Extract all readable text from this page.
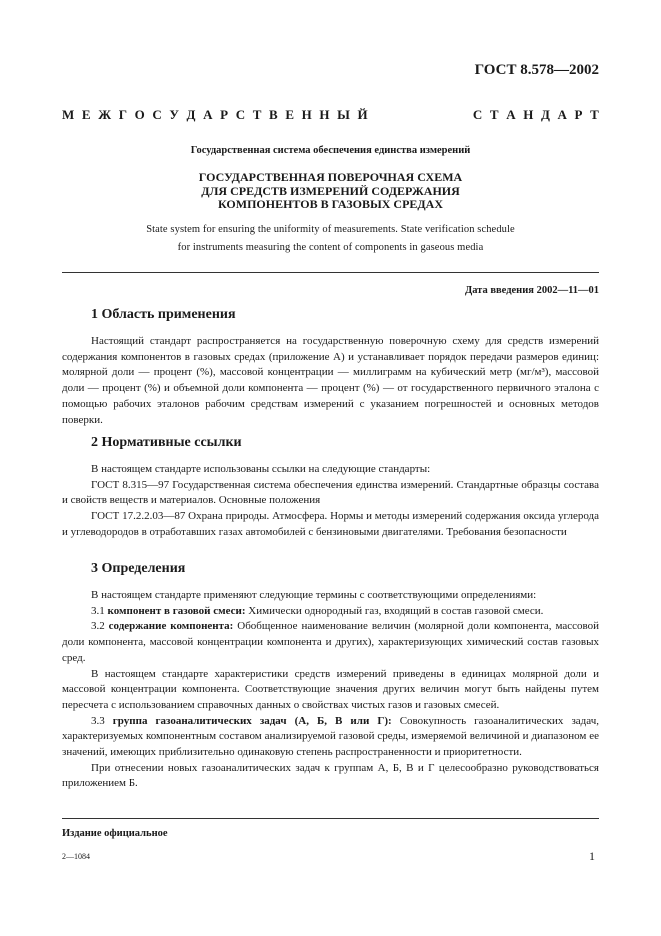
ГОСТ 8.578—2002
М Е Ж Г О С У Д А Р С Т В Е Н Н Ы Й	С Т А Н Д А Р Т
Государственная система обеспечения единства измерений
ГОСУДАРСТВЕННАЯ ПОВЕРОЧНАЯ СХЕМА
ДЛЯ СРЕДСТВ ИЗМЕРЕНИЙ СОДЕРЖАНИЯ
КОМПОНЕНТОВ В ГАЗОВЫХ СРЕДАХ
State system for ensuring the uniformity of measurements. State verification schedule
for instruments measuring the content of components in gaseous media
Дата введения 2002—11—01
1 Область применения

Настоящий стандарт распространяется на государственную поверочную схему для средств измерений содержания компонентов в газовых средах (приложение А) и устанавливает порядок передачи размеров единиц: молярной доли — процент (%), массовой концентрации — миллиграмм на кубический метр (мг/м³), массовой доли — процент (%) и объемной доли компонента — процент (%) — от государственного первичного эталона с помощью рабочих эталонов рабочим средствам измерений с указанием погрешностей и основных методов поверки.

2 Нормативные ссылки

В настоящем стандарте использованы ссылки на следующие стандарты:

ГОСТ 8.315—97 Государственная система обеспечения единства измерений. Стандартные образцы состава и свойств веществ и материалов. Основные положения

ГОСТ 17.2.2.03—87 Охрана природы. Атмосфера. Нормы и методы измерений содержания оксида углерода и углеводородов в отработавших газах автомобилей с бензиновыми двигателями. Требования безопасности

3 Определения

В настоящем стандарте применяют следующие термины с соответствующими определениями:

3.1 компонент в газовой смеси: Химически однородный газ, входящий в состав газовой смеси.

3.2 содержание компонента: Обобщенное наименование величин (молярной доли компонента, массовой доли компонента, массовой концентрации компонента и других), характеризующих химический состав газовых сред.

В настоящем стандарте характеристики средств измерений приведены в единицах молярной доли и массовой концентрации компонента. Соответствующие значения других величин могут быть найдены путем пересчета с использованием справочных данных о свойствах чистых газов и газовых смесей.

3.3 группа газоаналитических задач (А, Б, В или Г): Совокупность газоаналитических задач, характеризуемых компонентным составом анализируемой газовой среды, измеряемой величиной и диапазоном ее значений, имеющих приблизительно одинаковую степень распространенности и приоритетности.

При отнесении новых газоаналитических задач к группам А, Б, В и Г целесообразно руководствоваться приложением Б.

Издание официальное
2—1084	1
